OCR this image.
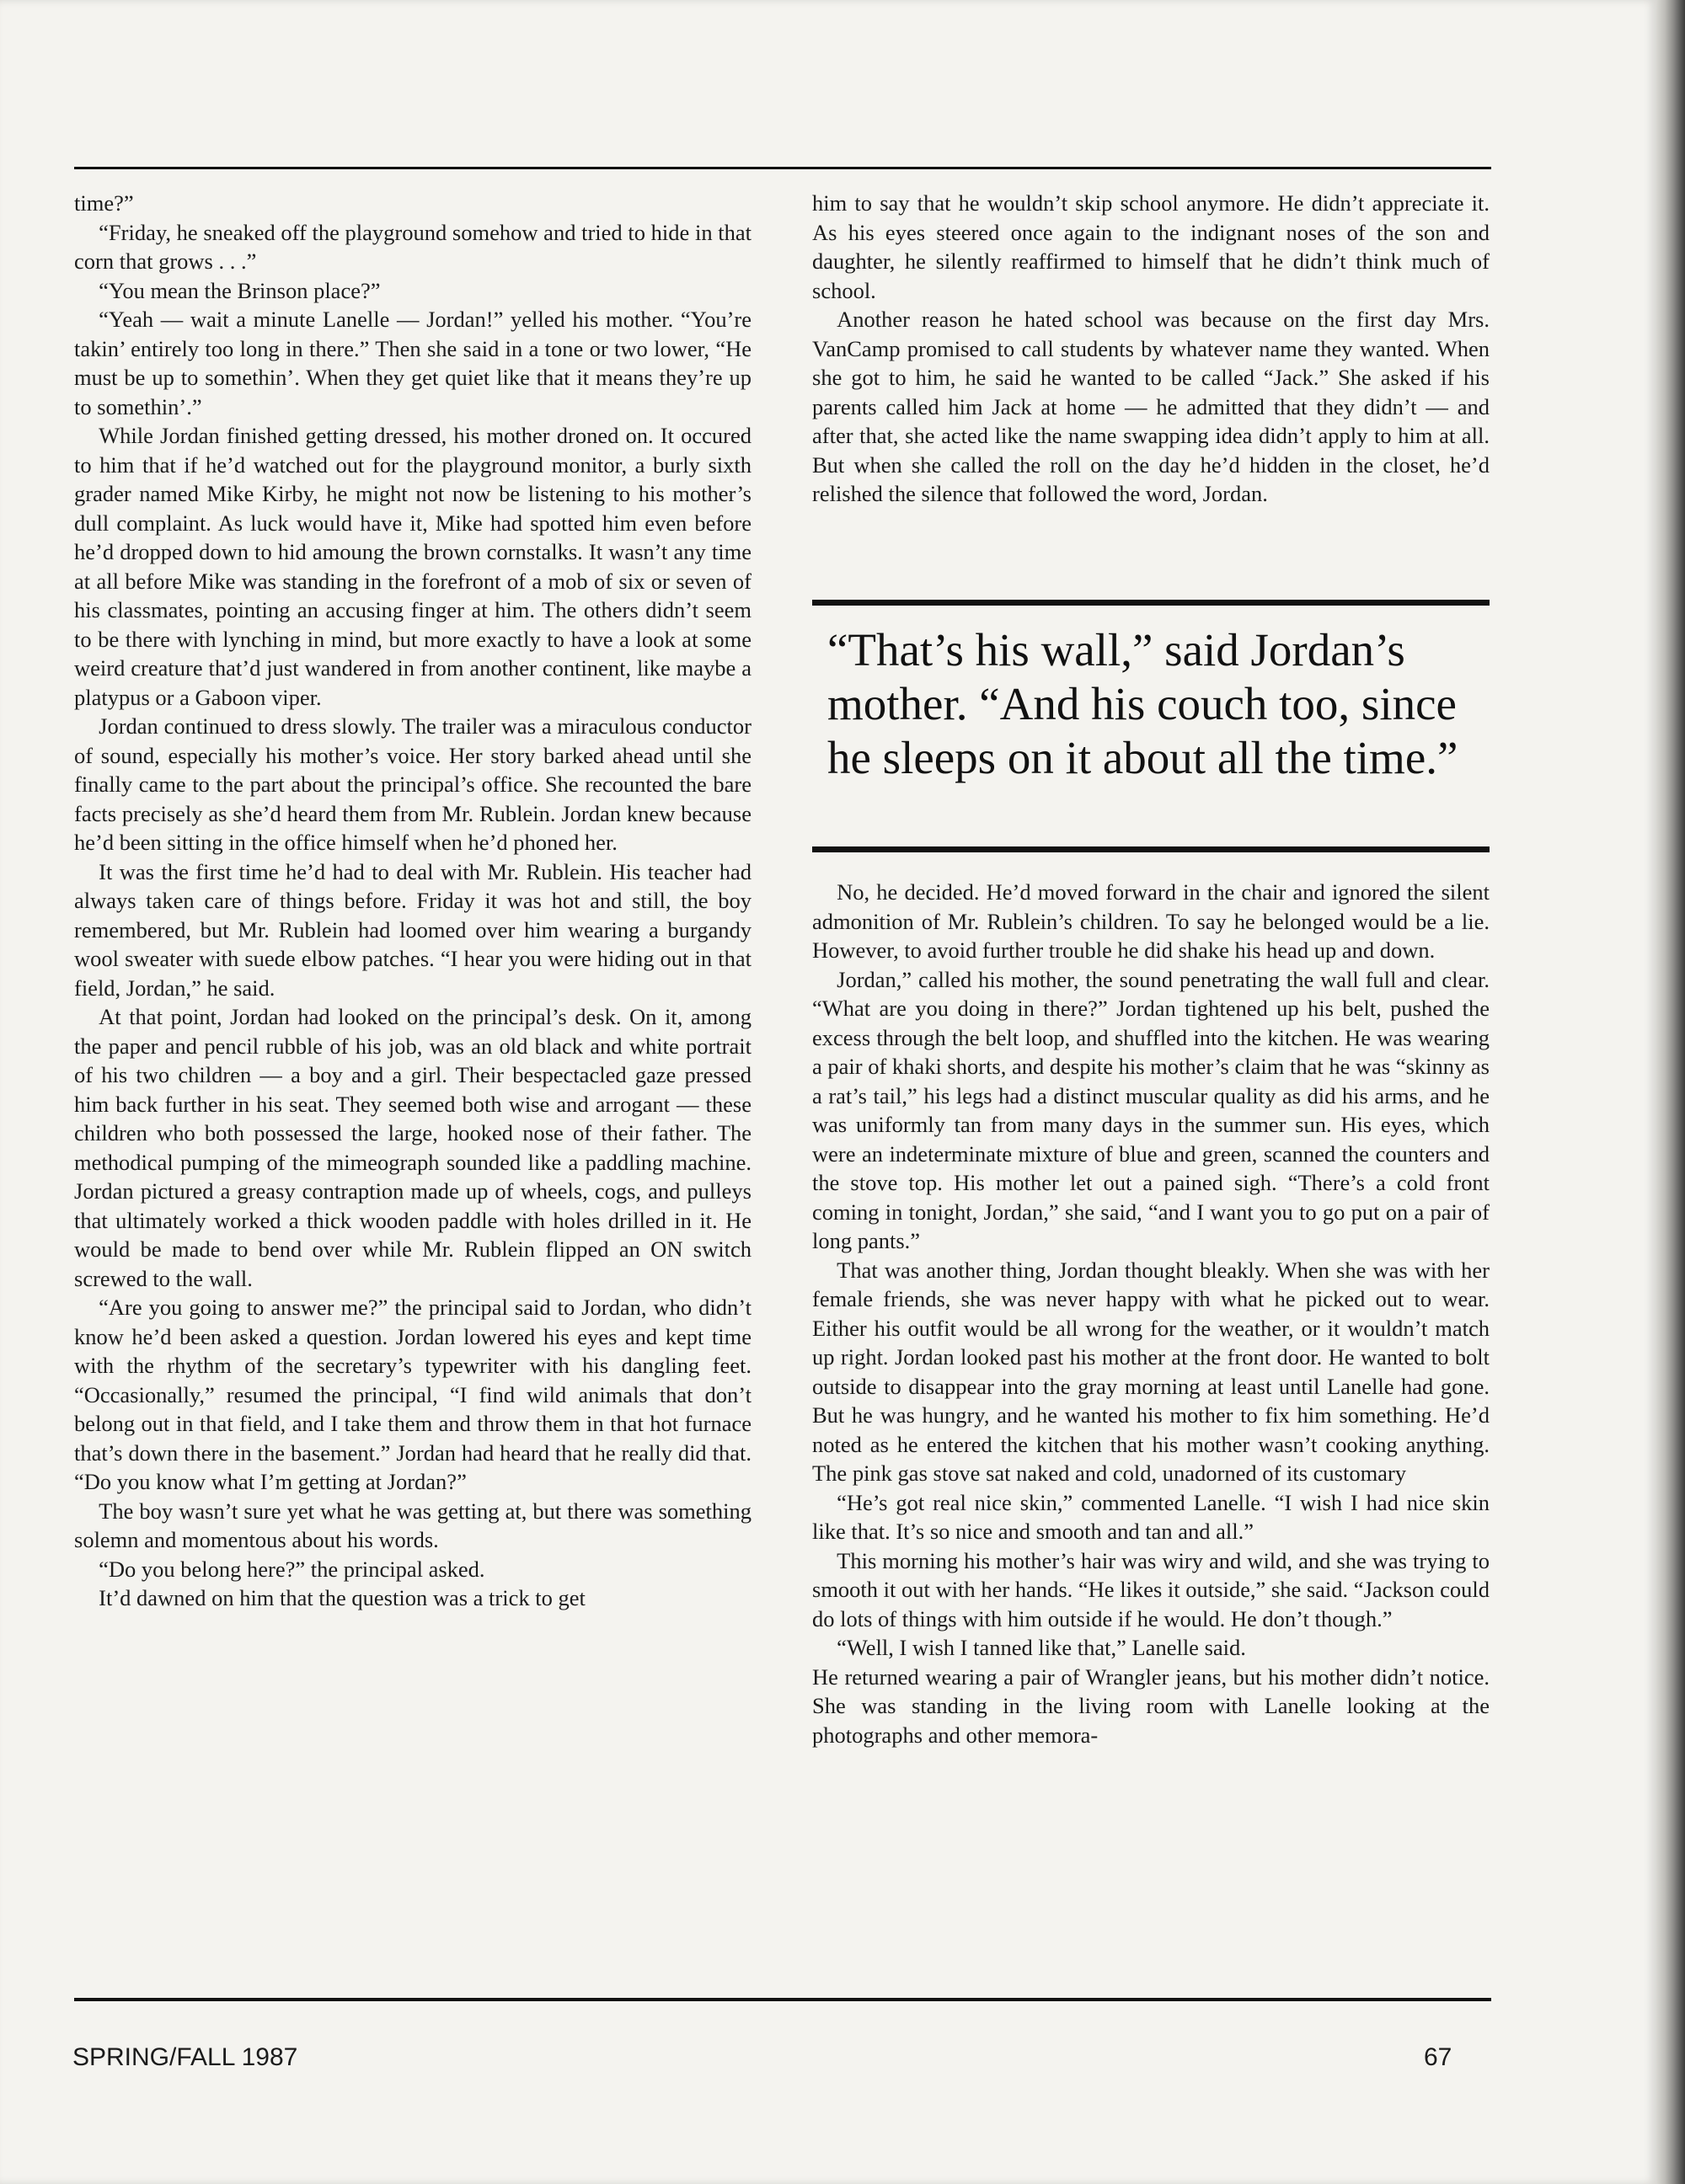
time?”

“Friday, he sneaked off the playground somehow and tried to hide in that corn that grows . . .”

“You mean the Brinson place?”

“Yeah — wait a minute Lanelle — Jordan!” yelled his mother. “You’re takin’ entirely too long in there.” Then she said in a tone or two lower, “He must be up to somethin’. When they get quiet like that it means they’re up to somethin’.”

While Jordan finished getting dressed, his mother droned on. It occured to him that if he’d watched out for the playground monitor, a burly sixth grader named Mike Kirby, he might not now be listening to his mother’s dull complaint. As luck would have it, Mike had spotted him even before he’d dropped down to hid amoung the brown cornstalks. It wasn’t any time at all before Mike was standing in the forefront of a mob of six or seven of his classmates, pointing an accusing finger at him. The others didn’t seem to be there with lynching in mind, but more exactly to have a look at some weird creature that’d just wandered in from another continent, like maybe a platypus or a Gaboon viper.

Jordan continued to dress slowly. The trailer was a miraculous conductor of sound, especially his mother’s voice. Her story barked ahead until she finally came to the part about the principal’s office. She recounted the bare facts precisely as she’d heard them from Mr. Rublein. Jordan knew because he’d been sitting in the office himself when he’d phoned her.

It was the first time he’d had to deal with Mr. Rublein. His teacher had always taken care of things before. Friday it was hot and still, the boy remembered, but Mr. Rublein had loomed over him wearing a burgandy wool sweater with suede elbow patches. “I hear you were hiding out in that field, Jordan,” he said.

At that point, Jordan had looked on the principal’s desk. On it, among the paper and pencil rubble of his job, was an old black and white portrait of his two children — a boy and a girl. Their bespectacled gaze pressed him back further in his seat. They seemed both wise and arrogant — these children who both possessed the large, hooked nose of their father. The methodical pumping of the mimeograph sounded like a paddling machine. Jordan pictured a greasy contraption made up of wheels, cogs, and pulleys that ultimately worked a thick wooden paddle with holes drilled in it. He would be made to bend over while Mr. Rublein flipped an ON switch screwed to the wall.

“Are you going to answer me?” the principal said to Jordan, who didn’t know he’d been asked a question. Jordan lowered his eyes and kept time with the rhythm of the secretary’s typewriter with his dangling feet. “Occasionally,” resumed the principal, “I find wild animals that don’t belong out in that field, and I take them and throw them in that hot furnace that’s down there in the basement.” Jordan had heard that he really did that. “Do you know what I’m getting at Jordan?”

The boy wasn’t sure yet what he was getting at, but there was something solemn and momentous about his words.

“Do you belong here?” the principal asked.

It’d dawned on him that the question was a trick to get

him to say that he wouldn’t skip school anymore. He didn’t appreciate it. As his eyes steered once again to the indignant noses of the son and daughter, he silently reaffirmed to himself that he didn’t think much of school.

Another reason he hated school was because on the first day Mrs. VanCamp promised to call students by whatever name they wanted. When she got to him, he said he wanted to be called “Jack.” She asked if his parents called him Jack at home — he admitted that they didn’t — and after that, she acted like the name swapping idea didn’t apply to him at all. But when she called the roll on the day he’d hidden in the closet, he’d relished the silence that followed the word, Jordan.

“That’s his wall,” said Jordan’s mother. “And his couch too, since he sleeps on it about all the time.”

No, he decided. He’d moved forward in the chair and ignored the silent admonition of Mr. Rublein’s children. To say he belonged would be a lie. However, to avoid further trouble he did shake his head up and down.

Jordan,” called his mother, the sound penetrating the wall full and clear. “What are you doing in there?” Jordan tightened up his belt, pushed the excess through the belt loop, and shuffled into the kitchen. He was wearing a pair of khaki shorts, and despite his mother’s claim that he was “skinny as a rat’s tail,” his legs had a distinct muscular quality as did his arms, and he was uniformly tan from many days in the summer sun. His eyes, which were an indeterminate mixture of blue and green, scanned the counters and the stove top. His mother let out a pained sigh. “There’s a cold front coming in tonight, Jordan,” she said, “and I want you to go put on a pair of long pants.”

That was another thing, Jordan thought bleakly. When she was with her female friends, she was never happy with what he picked out to wear. Either his outfit would be all wrong for the weather, or it wouldn’t match up right. Jordan looked past his mother at the front door. He wanted to bolt outside to disappear into the gray morning at least until Lanelle had gone. But he was hungry, and he wanted his mother to fix him something. He’d noted as he entered the kitchen that his mother wasn’t cooking anything. The pink gas stove sat naked and cold, unadorned of its customary

“He’s got real nice skin,” commented Lanelle. “I wish I had nice skin like that. It’s so nice and smooth and tan and all.”

This morning his mother’s hair was wiry and wild, and she was trying to smooth it out with her hands. “He likes it outside,” she said. “Jackson could do lots of things with him outside if he would. He don’t though.”

“Well, I wish I tanned like that,” Lanelle said.

He returned wearing a pair of Wrangler jeans, but his mother didn’t notice. She was standing in the living room with Lanelle looking at the photographs and other memora-

SPRING/FALL 1987	67
